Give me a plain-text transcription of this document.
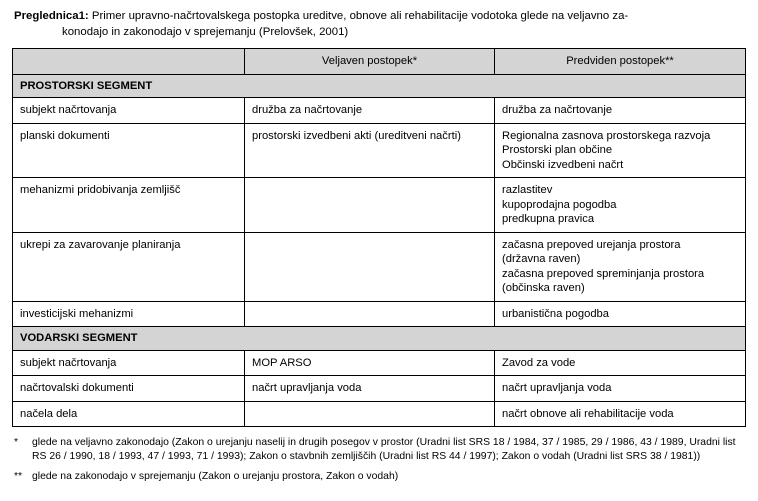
Preglednica1: Primer upravno-načrtovalskega postopka ureditve, obnove ali rehabilitacije vodotoka glede na veljavno za-
konodajo in zakonodajo v sprejemanju (Prelovšek, 2001)
	Veljaven postopek*	Predviden postopek**
PROSTORSKI SEGMENT		
subjekt načrtovanja	družba za načrtovanje	družba za načrtovanje
planski dokumenti	prostorski izvedbeni akti (ureditveni načrti)	Regionalna zasnova prostorskega razvoja
Prostorski plan občine
Občinski izvedbeni načrt

mehanizmi pridobivanja zemljišč		razlastitev
kupoprodajna pogodba
predkupna pravica

ukrepi za zavarovanje planiranja		začasna prepoved urejanja prostora
(državna raven)
začasna prepoved spreminjanja prostora
(občinska raven)

investicijski mehanizmi		urbanistična pogodba
VODARSKI SEGMENT		
subjekt načrtovanja	MOP ARSO	Zavod za vode
načrtovalski dokumenti	načrt upravljanja voda	načrt upravljanja voda
načela dela		načrt obnove ali rehabilitacije voda
* glede na veljavno zakonodajo (Zakon o urejanju naselij in drugih posegov v prostor (Uradni list SRS 18 / 1984, 37 / 1985, 29 / 1986, 43 / 1989, Uradni list RS 26 / 1990, 18 / 1993, 47 / 1993, 71 / 1993); Zakon o stavbnih zemljiščih (Uradni list RS 44 / 1997); Zakon o vodah (Uradni list SRS 38 / 1981))
** glede na zakonodajo v sprejemanju (Zakon o urejanju prostora, Zakon o vodah)
